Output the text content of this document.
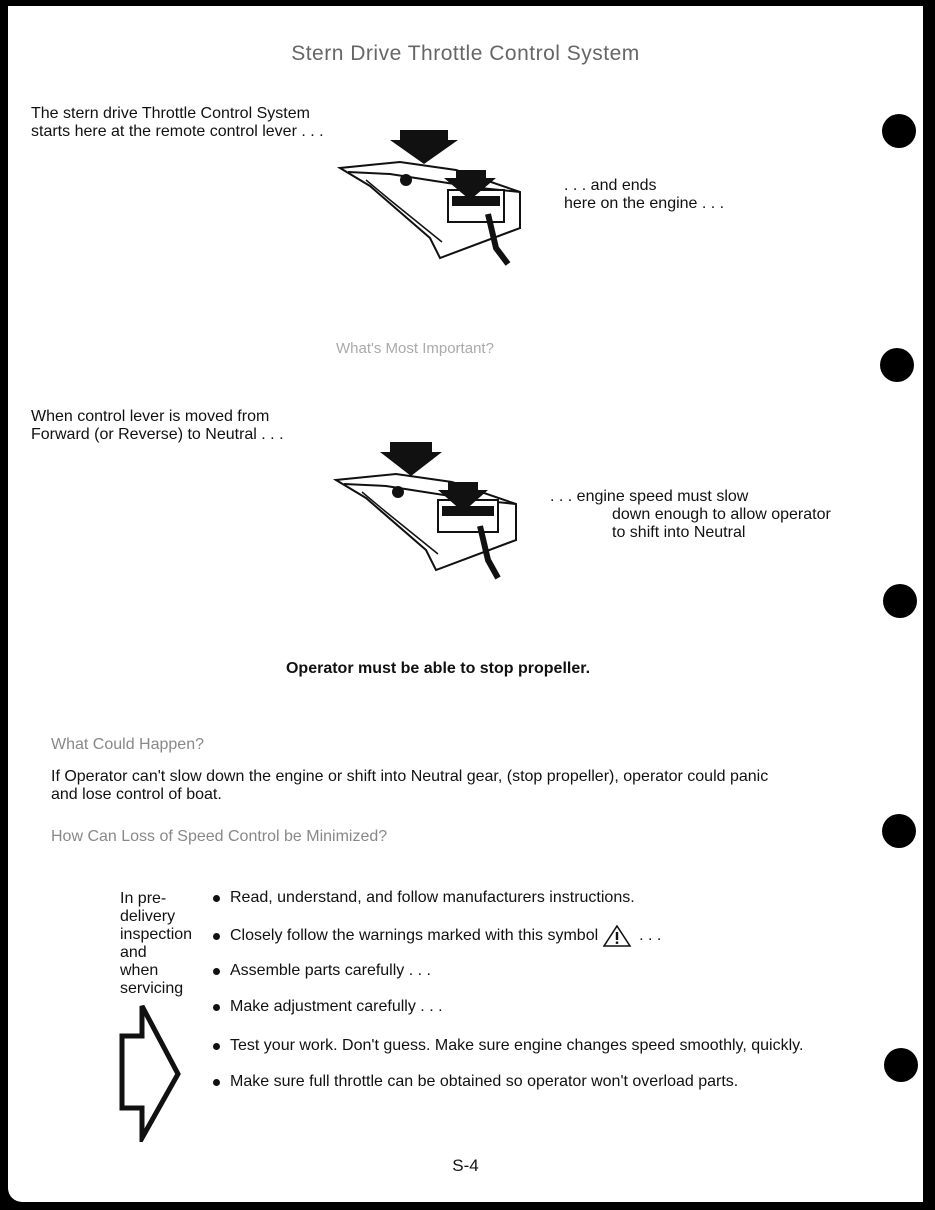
Stern Drive Throttle Control System
The stern drive Throttle Control System
starts here at the remote control lever . . .
. . . and ends
here on the engine . . .
What's Most Important?
When control lever is moved from
Forward (or Reverse) to Neutral . . .
. . . engine speed must slow
down enough to allow operator
to shift into Neutral
Operator must be able to stop propeller.
What Could Happen?
If Operator can't slow down the engine or shift into Neutral gear, (stop propeller), operator could panic
and lose control of boat.
How Can Loss of Speed Control be Minimized?
In pre-
delivery
inspection
and
when
servicing
Read, understand, and follow manufacturers instructions.
Closely follow the warnings marked with this symbol	. . .
Assemble parts carefully . . .
Make adjustment carefully . . .
Test your work. Don't guess. Make sure engine changes speed smoothly, quickly.
Make sure full throttle can be obtained so operator won't overload parts.
S-4
